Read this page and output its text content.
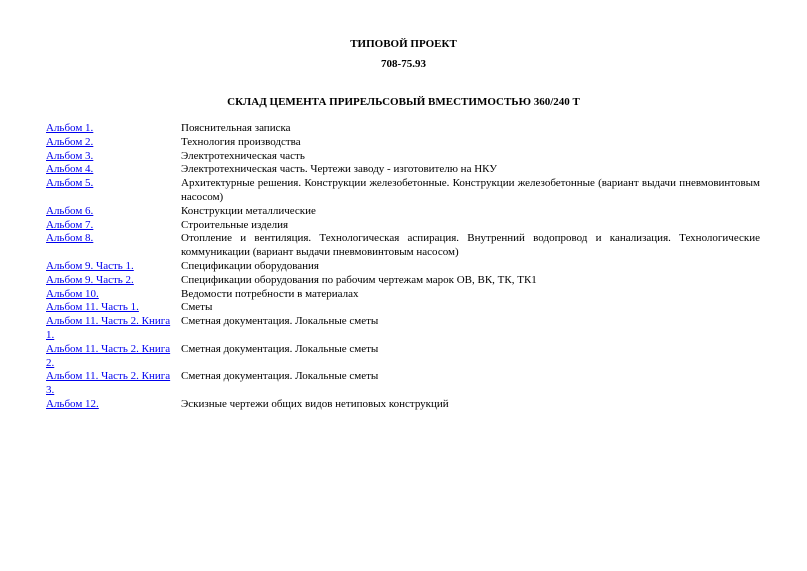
ТИПОВОЙ ПРОЕКТ
708-75.93
СКЛАД ЦЕМЕНТА ПРИРЕЛЬСОВЫЙ ВМЕСТИМОСТЬЮ 360/240 Т
Альбом 1.	Пояснительная записка
Альбом 2.	Технология производства
Альбом 3.	Электротехническая часть
Альбом 4.	Электротехническая часть. Чертежи заводу - изготовителю на НКУ
Альбом 5.	Архитектурные решения. Конструкции железобетонные. Конструкции железобетонные (вариант выдачи пневмовинтовым насосом)
Альбом 6.	Конструкции металлические
Альбом 7.	Строительные изделия
Альбом 8.	Отопление и вентиляция. Технологическая аспирация. Внутренний водопровод и канализация. Технологические коммуникации (вариант выдачи пневмовинтовым насосом)
Альбом 9. Часть 1.	Спецификации оборудования
Альбом 9. Часть 2.	Спецификации оборудования по рабочим чертежам марок ОВ, ВК, ТК, ТК1
Альбом 10.	Ведомости потребности в материалах
Альбом 11. Часть 1.	Сметы
Альбом 11. Часть 2. Книга 1.	Сметная документация. Локальные сметы
Альбом 11. Часть 2. Книга 2.	Сметная документация. Локальные сметы
Альбом 11. Часть 2. Книга 3.	Сметная документация. Локальные сметы
Альбом 12.	Эскизные чертежи общих видов нетиповых конструкций
